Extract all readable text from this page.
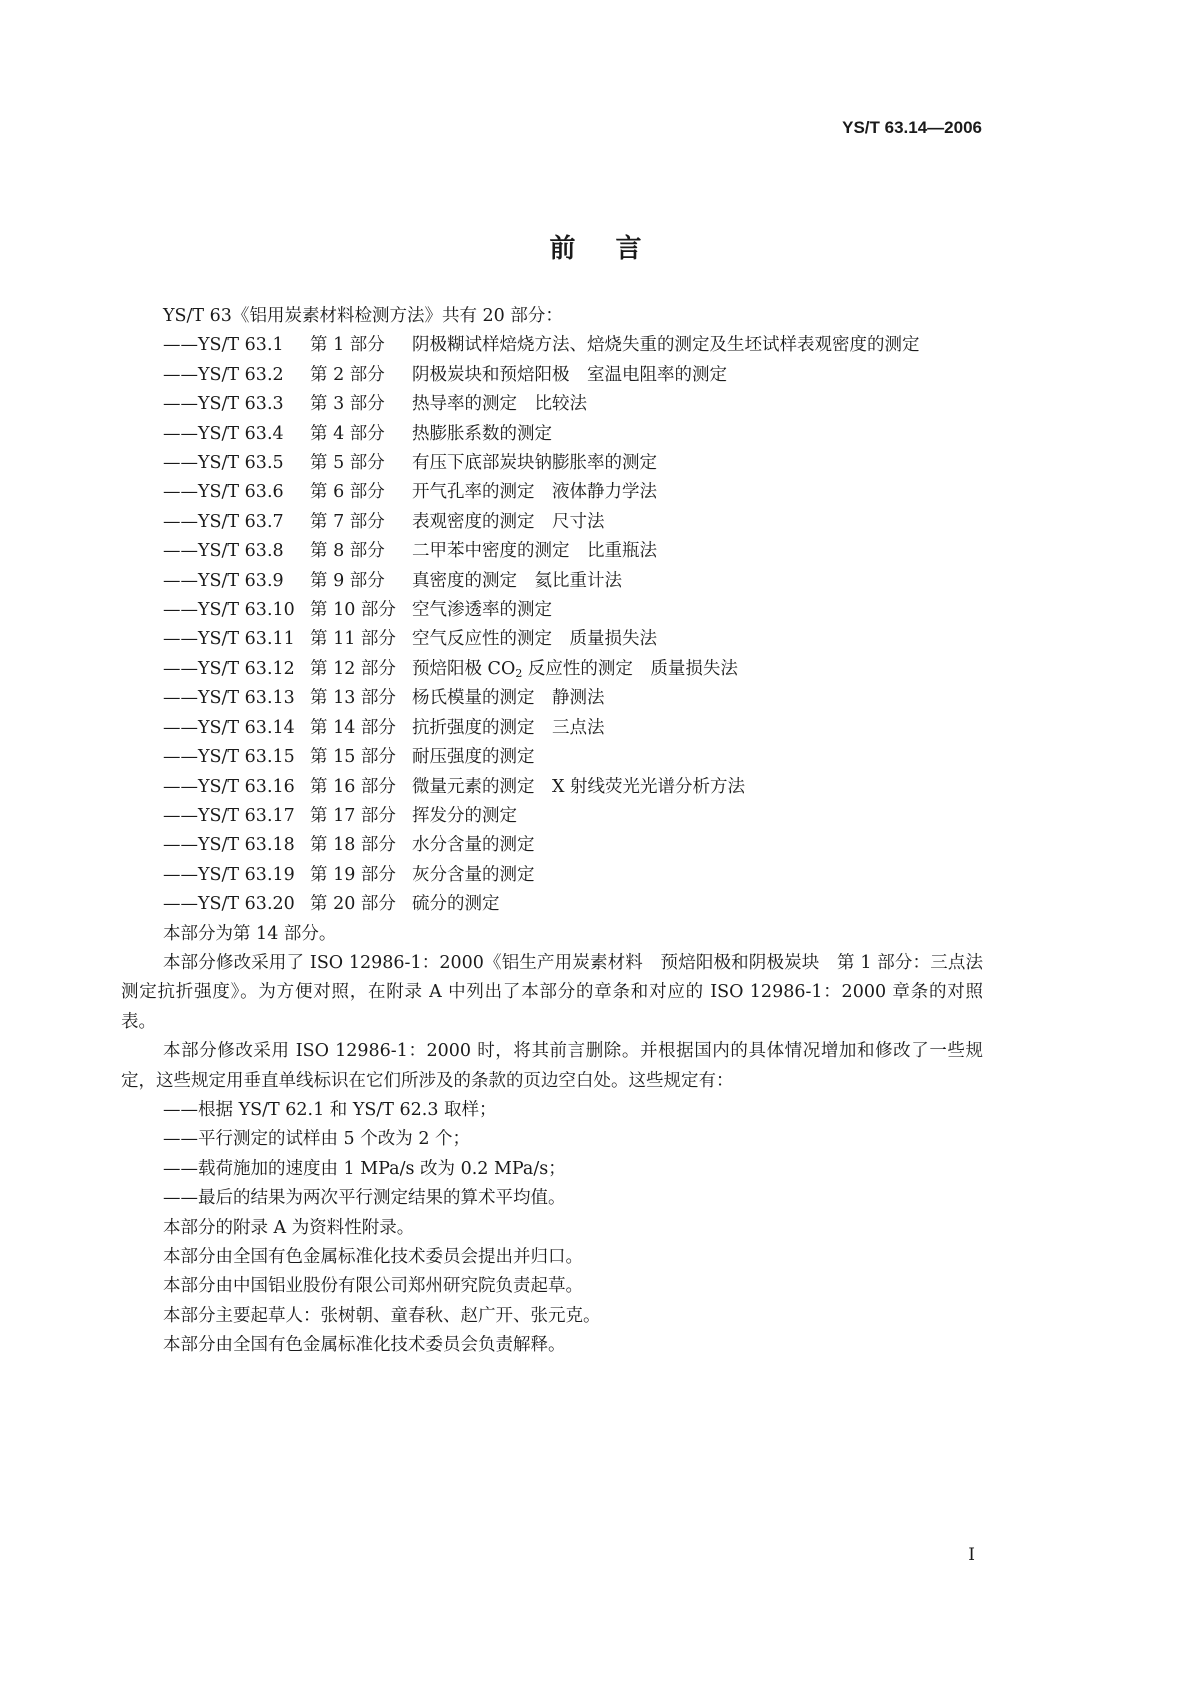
YS/T 63.14—2006
前言
YS/T 63《铝用炭素材料检测方法》共有 20 部分：
——YS/T 63.1 第 1 部分 阴极糊试样焙烧方法、焙烧失重的测定及生坯试样表观密度的测定
——YS/T 63.2 第 2 部分 阴极炭块和预焙阳极　室温电阻率的测定
——YS/T 63.3 第 3 部分 热导率的测定　比较法
——YS/T 63.4 第 4 部分 热膨胀系数的测定
——YS/T 63.5 第 5 部分 有压下底部炭块钠膨胀率的测定
——YS/T 63.6 第 6 部分 开气孔率的测定　液体静力学法
——YS/T 63.7 第 7 部分 表观密度的测定　尺寸法
——YS/T 63.8 第 8 部分 二甲苯中密度的测定　比重瓶法
——YS/T 63.9 第 9 部分 真密度的测定　氦比重计法
——YS/T 63.10 第 10 部分 空气渗透率的测定
——YS/T 63.11 第 11 部分 空气反应性的测定　质量损失法
——YS/T 63.12 第 12 部分 预焙阳极 $CO_2$ 反应性的测定　质量损失法
——YS/T 63.13 第 13 部分 杨氏模量的测定　静测法
——YS/T 63.14 第 14 部分 抗折强度的测定　三点法
——YS/T 63.15 第 15 部分 耐压强度的测定
——YS/T 63.16 第 16 部分 微量元素的测定　X 射线荧光光谱分析方法
——YS/T 63.17 第 17 部分 挥发分的测定
——YS/T 63.18 第 18 部分 水分含量的测定
——YS/T 63.19 第 19 部分 灰分含量的测定
——YS/T 63.20 第 20 部分 硫分的测定
本部分为第 14 部分。
本部分修改采用了 ISO 12986-1：2000《铝生产用炭素材料　预焙阳极和阴极炭块　第 1 部分：三点法测定抗折强度》。为方便对照，在附录 A 中列出了本部分的章条和对应的 ISO 12986-1：2000 章条的对照表。
本部分修改采用 ISO 12986-1：2000 时，将其前言删除。并根据国内的具体情况增加和修改了一些规定，这些规定用垂直单线标识在它们所涉及的条款的页边空白处。这些规定有：
——根据 YS/T 62.1 和 YS/T 62.3 取样；
——平行测定的试样由 5 个改为 2 个；
——载荷施加的速度由 1 MPa/s 改为 0.2 MPa/s；
——最后的结果为两次平行测定结果的算术平均值。
本部分的附录 A 为资料性附录。
本部分由全国有色金属标准化技术委员会提出并归口。
本部分由中国铝业股份有限公司郑州研究院负责起草。
本部分主要起草人：张树朝、童春秋、赵广开、张元克。
本部分由全国有色金属标准化技术委员会负责解释。
I
